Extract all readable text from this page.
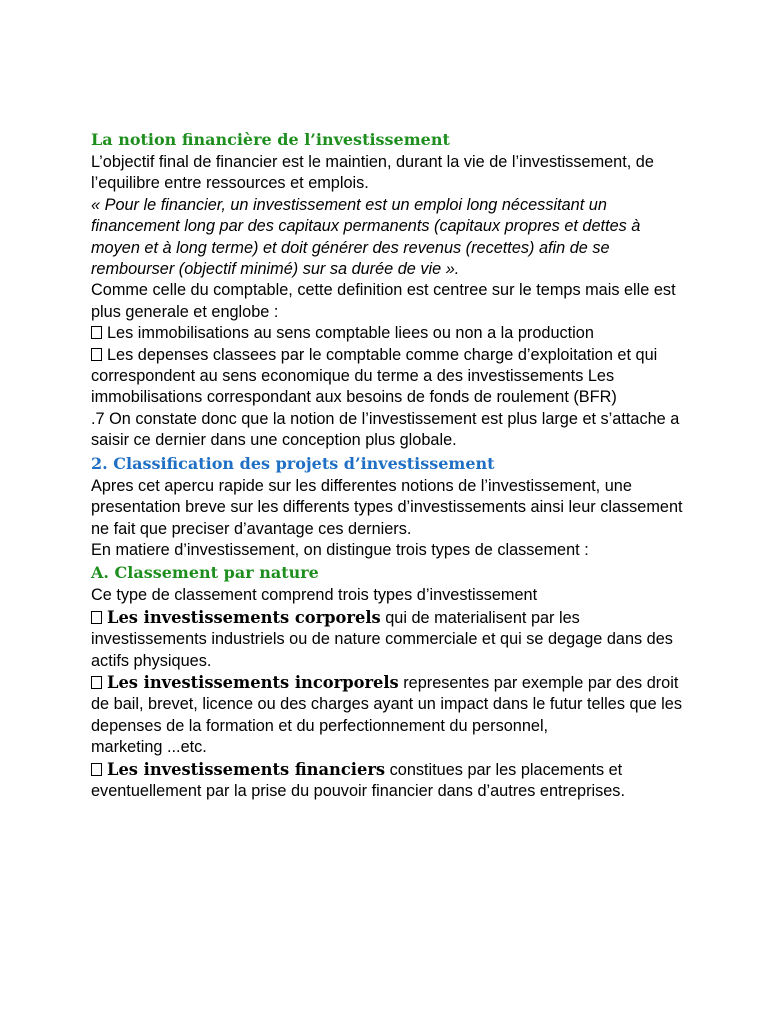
La notion financière de l’investissement

L’objectif final de financier est le maintien, durant la vie de l’investissement, de l’equilibre entre ressources et emplois.

« Pour le financier, un investissement est un emploi long nécessitant un financement long par des capitaux permanents (capitaux propres et dettes à moyen et à long terme) et doit générer des revenus (recettes) afin de se rembourser (objectif minimé) sur sa durée de vie ».

Comme celle du comptable, cette definition est centree sur le temps mais elle est plus generale et englobe :

Les immobilisations au sens comptable liees ou non a la production

Les depenses classees par le comptable comme charge d’exploitation et qui correspondent au sens economique du terme a des investissements Les immobilisations correspondant aux besoins de fonds de roulement (BFR)

.7 On constate donc que la notion de l’investissement est plus large et s’attache a saisir ce dernier dans une conception plus globale.

2. Classification des projets d’investissement

Apres cet apercu rapide sur les differentes notions de l’investissement, une presentation breve sur les differents types d’investissements ainsi leur classement ne fait que preciser d’avantage ces derniers.

En matiere d’investissement, on distingue trois types de classement :

A. Classement par nature

Ce type de classement comprend trois types d’investissement

Les investissements corporels qui de materialisent par les investissements industriels ou de nature commerciale et qui se degage dans des actifs physiques.

Les investissements incorporels representes par exemple par des droit de bail, brevet, licence ou des charges ayant un impact dans le futur telles que les depenses de la formation et du perfectionnement du personnel,

marketing ...etc.

Les investissements financiers constitues par les placements et eventuellement par la prise du pouvoir financier dans d’autres entreprises.
